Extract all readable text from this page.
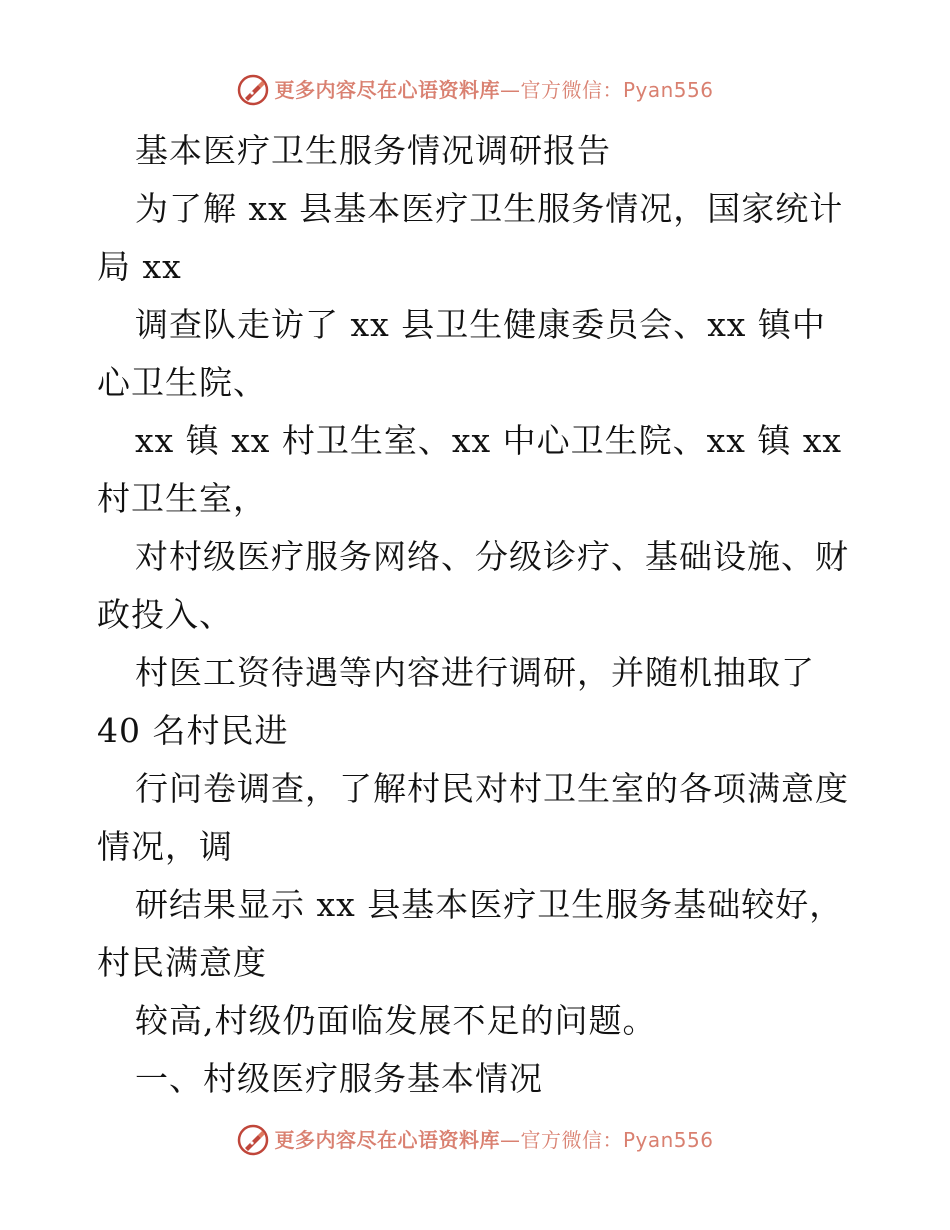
更多内容尽在心语资料库—官方微信：Pyan556
基本医疗卫生服务情况调研报告
为了解 xx 县基本医疗卫生服务情况，国家统计
局 xx
调查队走访了 xx 县卫生健康委员会、xx 镇中
心卫生院、
xx 镇 xx 村卫生室、xx 中心卫生院、xx 镇 xx
村卫生室，
对村级医疗服务网络、分级诊疗、基础设施、财
政投入、
村医工资待遇等内容进行调研，并随机抽取了
40 名村民进
行问卷调查，了解村民对村卫生室的各项满意度
情况，调
研结果显示 xx 县基本医疗卫生服务基础较好，
村民满意度
较高,村级仍面临发展不足的问题。
一、村级医疗服务基本情况
更多内容尽在心语资料库—官方微信：Pyan556
